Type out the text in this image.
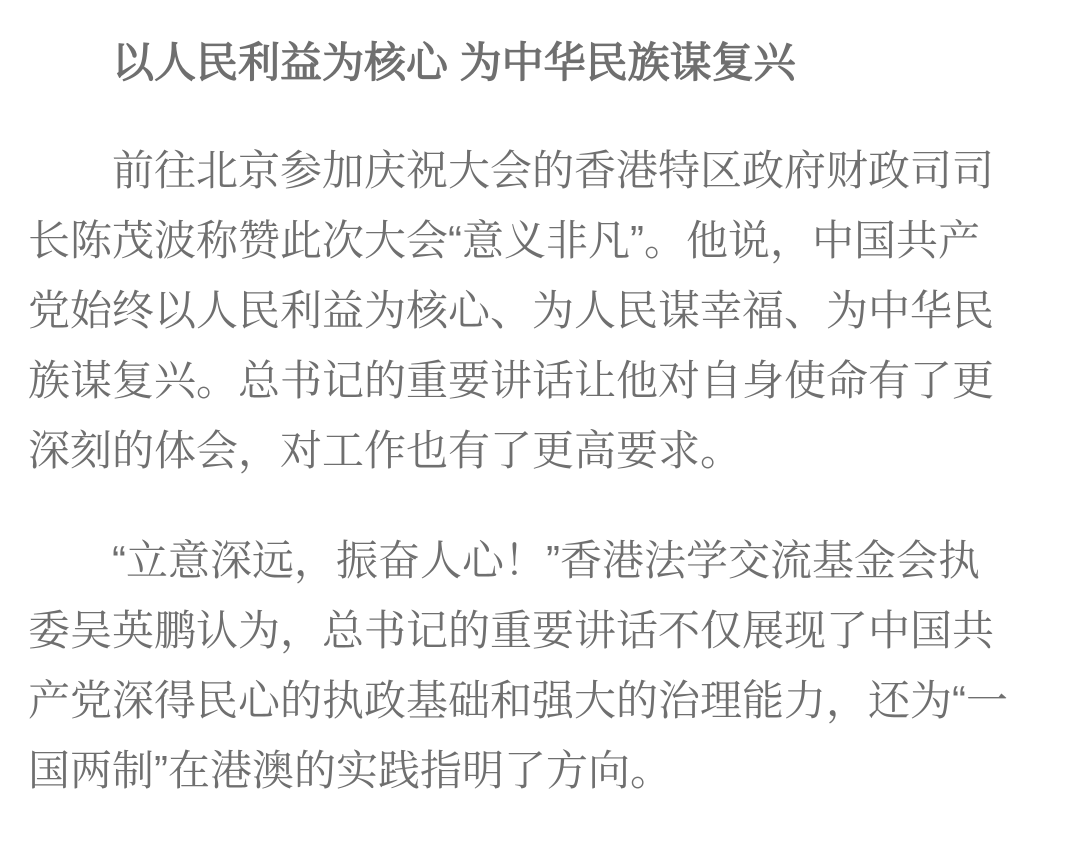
以人民利益为核心 为中华民族谋复兴

前往北京参加庆祝大会的香港特区政府财政司司长陈茂波称赞此次大会“意义非凡”。他说，中国共产党始终以人民利益为核心、为人民谋幸福、为中华民族谋复兴。总书记的重要讲话让他对自身使命有了更深刻的体会，对工作也有了更高要求。

“立意深远，振奋人心！”香港法学交流基金会执委吴英鹏认为，总书记的重要讲话不仅展现了中国共产党深得民心的执政基础和强大的治理能力，还为“一国两制”在港澳的实践指明了方向。
